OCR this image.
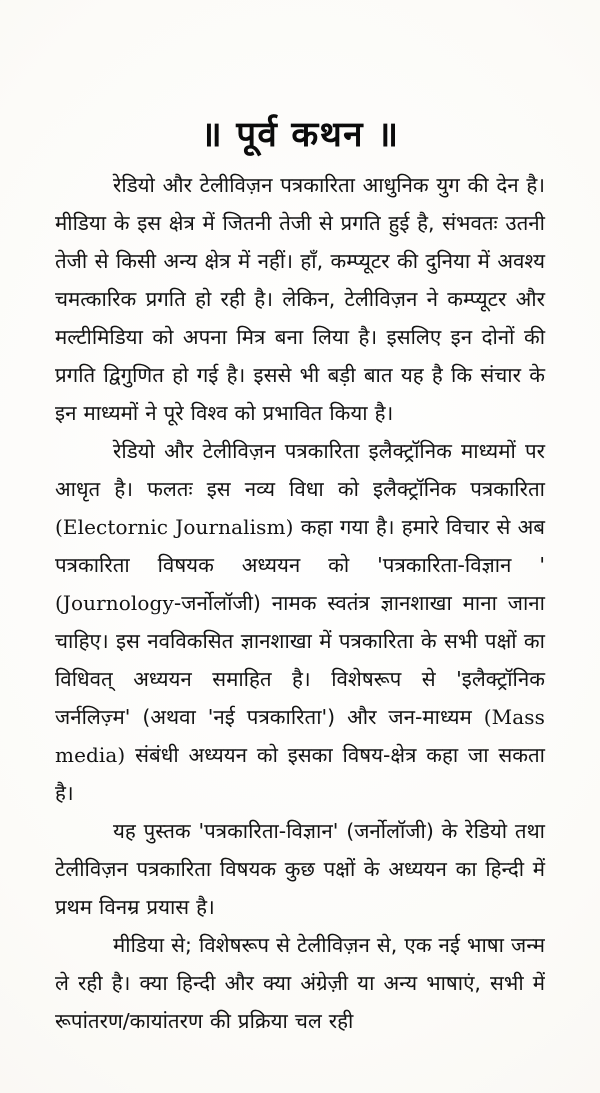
॥ पूर्व कथन ॥

रेडियो और टेलीविज़न पत्रकारिता आधुनिक युग की देन है। मीडिया के इस क्षेत्र में जितनी तेजी से प्रगति हुई है, संभवतः उतनी तेजी से किसी अन्य क्षेत्र में नहीं। हाँ, कम्प्यूटर की दुनिया में अवश्य चमत्कारिक प्रगति हो रही है। लेकिन, टेलीविज़न ने कम्प्यूटर और मल्टीमिडिया को अपना मित्र बना लिया है। इसलिए इन दोनों की प्रगति द्विगुणित हो गई है। इससे भी बड़ी बात यह है कि संचार के इन माध्यमों ने पूरे विश्व को प्रभावित किया है।

रेडियो और टेलीविज़न पत्रकारिता इलैक्ट्रॉनिक माध्यमों पर आधृत है। फलतः इस नव्य विधा को इलैक्ट्रॉनिक पत्रकारिता (Electornic Journalism) कहा गया है। हमारे विचार से अब पत्रकारिता विषयक अध्ययन को 'पत्रकारिता-विज्ञान ' (Journology-जर्नोलॉजी) नामक स्वतंत्र ज्ञानशाखा माना जाना चाहिए। इस नवविकसित ज्ञानशाखा में पत्रकारिता के सभी पक्षों का विधिवत् अध्ययन समाहित है। विशेषरूप से 'इलैक्ट्रॉनिक जर्नलिज़्म' (अथवा 'नई पत्रकारिता') और जन-माध्यम (Mass media) संबंधी अध्ययन को इसका विषय-क्षेत्र कहा जा सकता है।

यह पुस्तक 'पत्रकारिता-विज्ञान' (जर्नोलॉजी) के रेडियो तथा टेलीविज़न पत्रकारिता विषयक कुछ पक्षों के अध्ययन का हिन्दी में प्रथम विनम्र प्रयास है।

मीडिया से; विशेषरूप से टेलीविज़न से, एक नई भाषा जन्म ले रही है। क्या हिन्दी और क्या अंग्रेज़ी या अन्य भाषाएं, सभी में रूपांतरण/कायांतरण की प्रक्रिया चल रही
